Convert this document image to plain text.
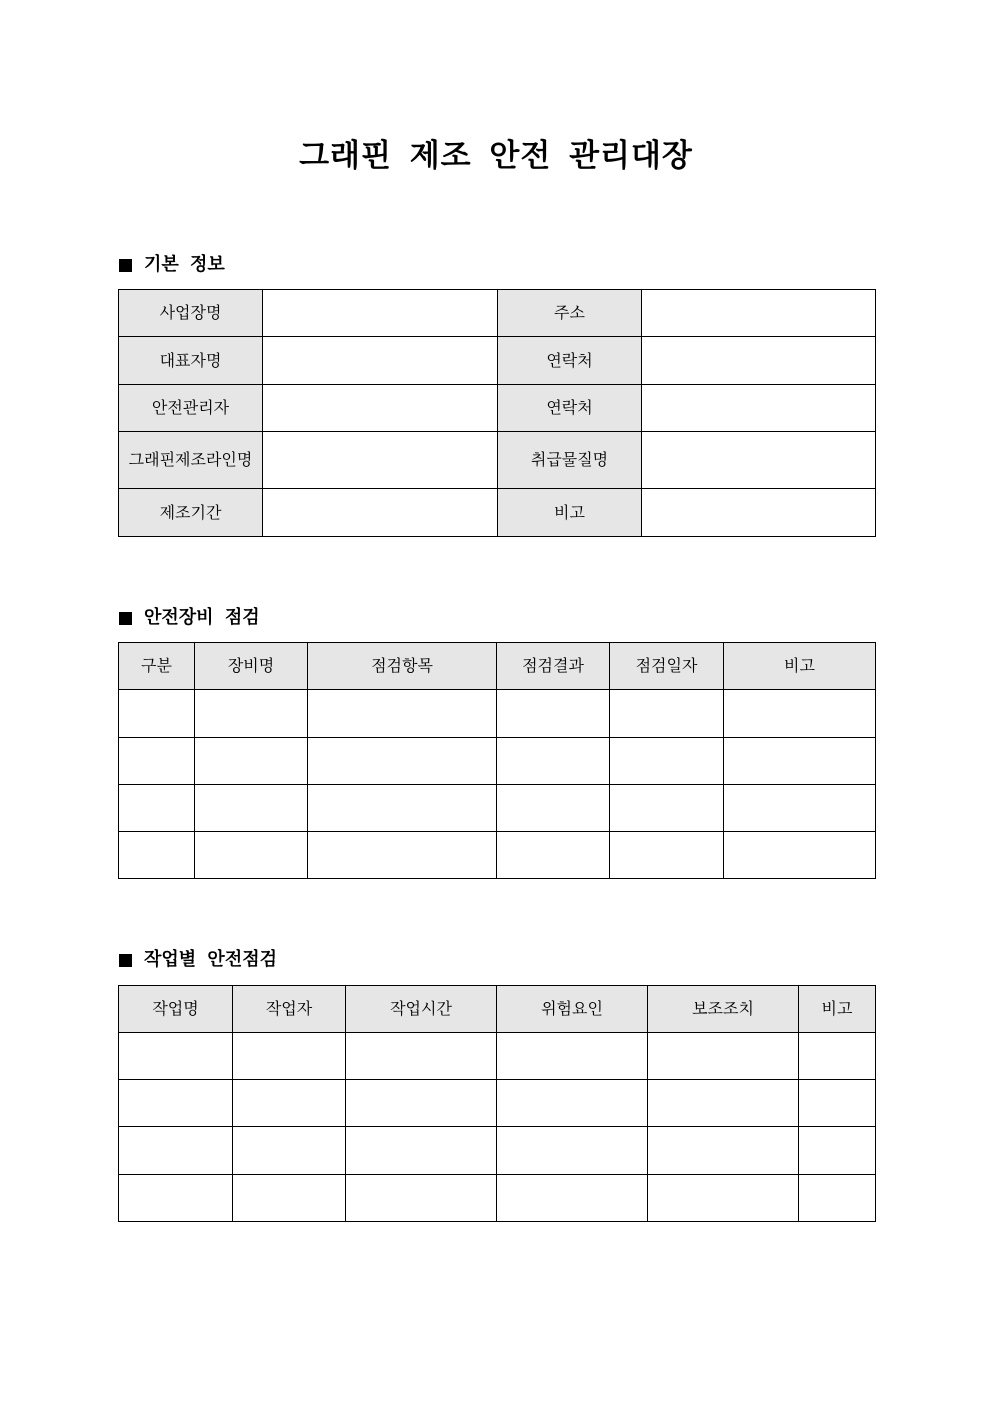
그래핀 제조 안전 관리대장
기본 정보
사업장명		주소	
대표자명		연락처	
안전관리자		연락처	
그래핀제조라인명		취급물질명	
제조기간		비고	
안전장비 점검
구분	장비명	점검항목	점검결과	점검일자	비고

작업별 안전점검
작업명	작업자	작업시간	위험요인	보조조치	비고
